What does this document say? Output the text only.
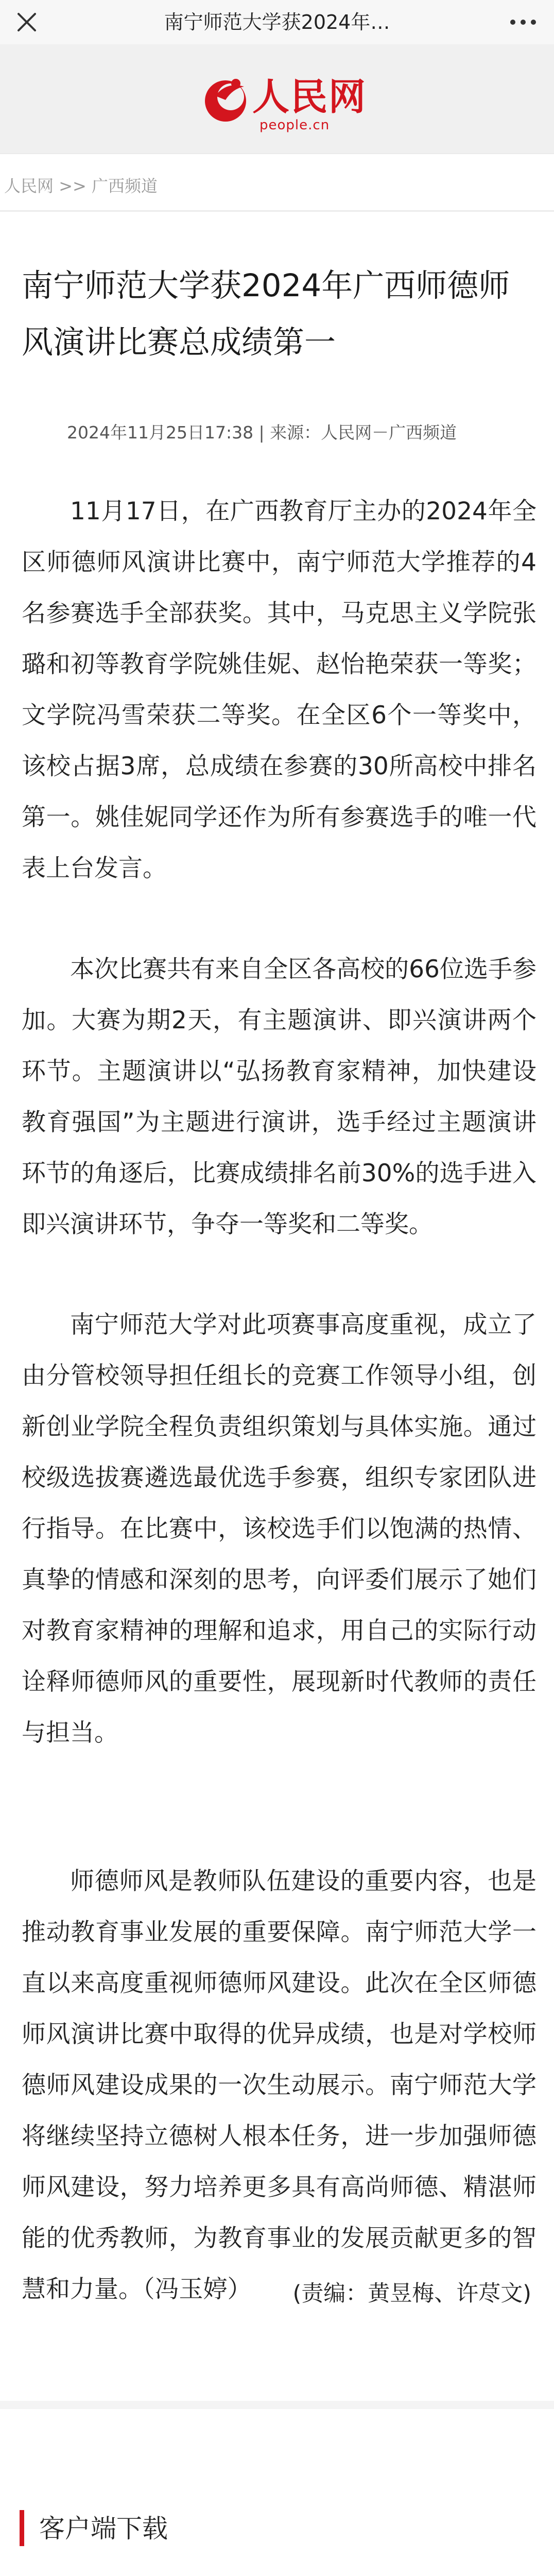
南宁师范大学获2024年…
人民网
people.cn
人民网 >> 广西频道
南宁师范大学获2024年广西师德师风演讲比赛总成绩第一
2024年11月25日17:38 | 来源：人民网－广西频道

11月17日，在广西教育厅主办的2024年全区师德师风演讲比赛中，南宁师范大学推荐的4名参赛选手全部获奖。其中，马克思主义学院张璐和初等教育学院姚佳妮、赵怡艳荣获一等奖；文学院冯雪荣获二等奖。在全区6个一等奖中，该校占据3席，总成绩在参赛的30所高校中排名第一。姚佳妮同学还作为所有参赛选手的唯一代表上台发言。

本次比赛共有来自全区各高校的66位选手参加。大赛为期2天，有主题演讲、即兴演讲两个环节。主题演讲以“弘扬教育家精神，加快建设教育强国”为主题进行演讲，选手经过主题演讲环节的角逐后，比赛成绩排名前30%的选手进入即兴演讲环节，争夺一等奖和二等奖。

南宁师范大学对此项赛事高度重视，成立了由分管校领导担任组长的竞赛工作领导小组，创新创业学院全程负责组织策划与具体实施。通过校级选拔赛遴选最优选手参赛，组织专家团队进行指导。在比赛中，该校选手们以饱满的热情、真挚的情感和深刻的思考，向评委们展示了她们对教育家精神的理解和追求，用自己的实际行动诠释师德师风的重要性，展现新时代教师的责任与担当。

师德师风是教师队伍建设的重要内容，也是推动教育事业发展的重要保障。南宁师范大学一直以来高度重视师德师风建设。此次在全区师德师风演讲比赛中取得的优异成绩，也是对学校师德师风建设成果的一次生动展示。南宁师范大学将继续坚持立德树人根本任务，进一步加强师德师风建设，努力培养更多具有高尚师德、精湛师能的优秀教师，为教育事业的发展贡献更多的智慧和力量。（冯玉婷）	(责编：黄昱梅、许荩文)
客户端下载
